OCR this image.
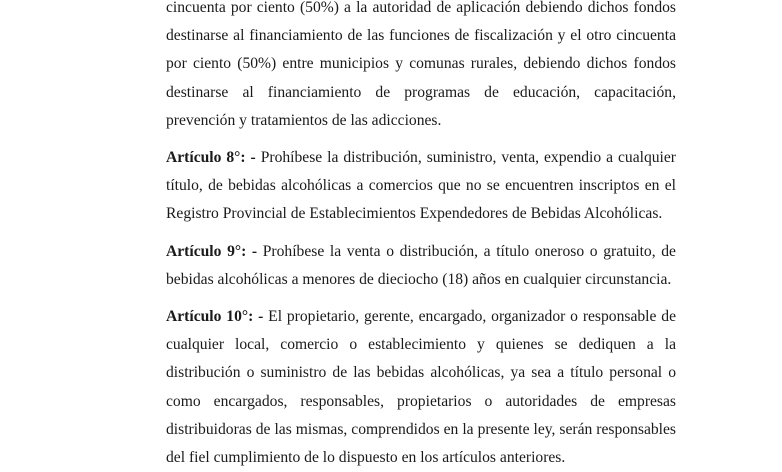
cincuenta por ciento (50%) a la autoridad de aplicación debiendo dichos fondos destinarse al financiamiento de las funciones de fiscalización y el otro cincuenta por ciento (50%) entre municipios y comunas rurales, debiendo dichos fondos destinarse al financiamiento de programas de educación, capacitación, prevención y tratamientos de las adicciones.

Artículo 8°: - Prohíbese la distribución, suministro, venta, expendio a cualquier título, de bebidas alcohólicas a comercios que no se encuentren inscriptos en el Registro Provincial de Establecimientos Expendedores de Bebidas Alcohólicas.

Artículo 9°: - Prohíbese la venta o distribución, a título oneroso o gratuito, de bebidas alcohólicas a menores de dieciocho (18) años en cualquier circunstancia.

Artículo 10°: - El propietario, gerente, encargado, organizador o responsable de cualquier local, comercio o establecimiento y quienes se dediquen a la distribución o suministro de las bebidas alcohólicas, ya sea a título personal o como encargados, responsables, propietarios o autoridades de empresas distribuidoras de las mismas, comprendidos en la presente ley, serán responsables del fiel cumplimiento de lo dispuesto en los artículos anteriores.
